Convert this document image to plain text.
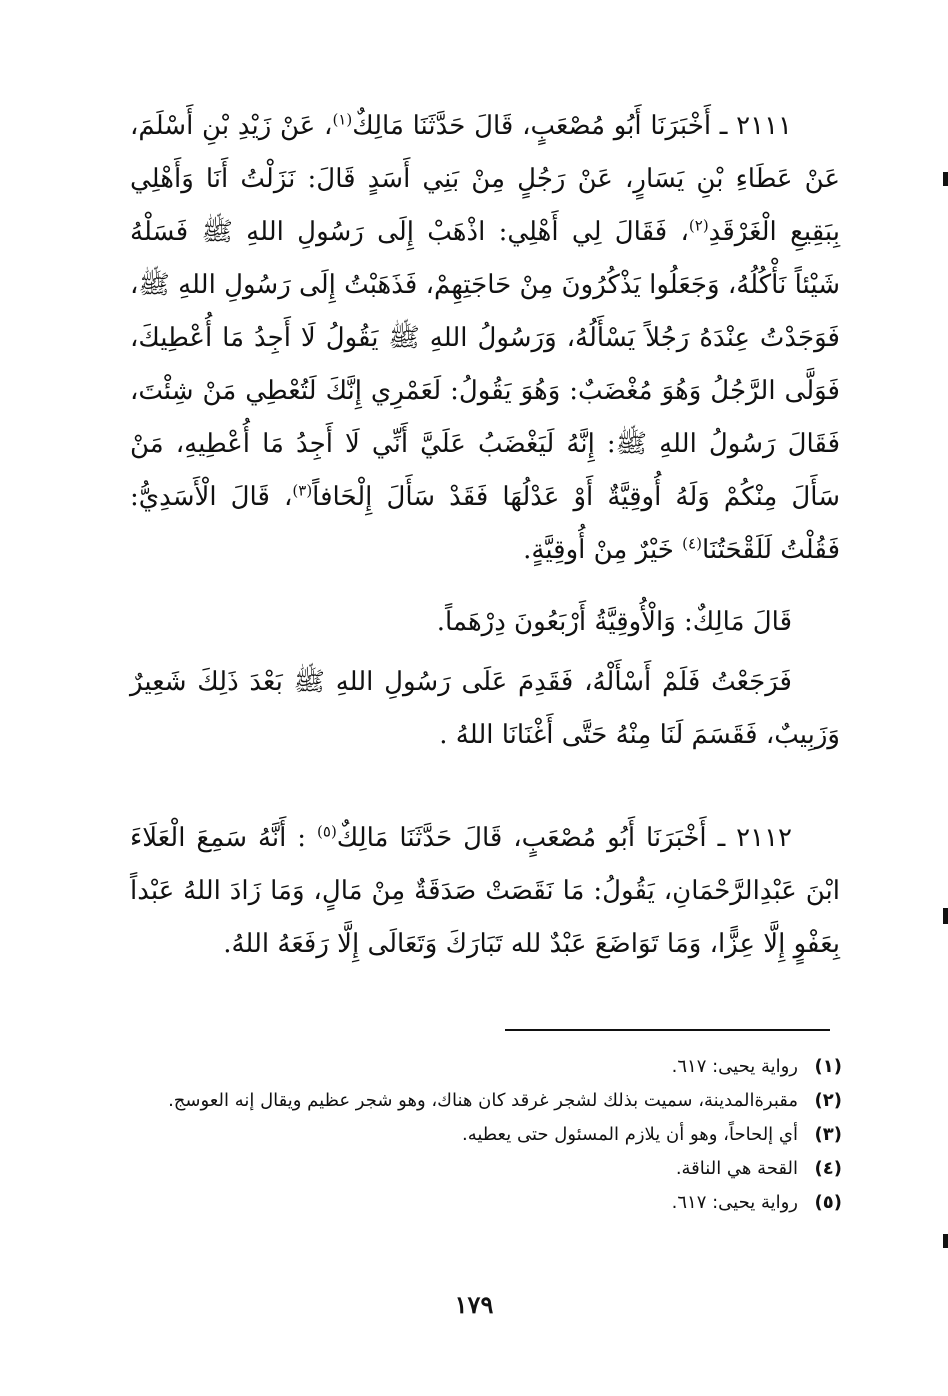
٢١١١ ـ أَخْبَرَنَا أَبُو مُصْعَبٍ، قَالَ حَدَّثَنَا مَالِكٌ$^{(١)}$، عَنْ زَيْدِ بْنِ أَسْلَمَ، عَنْ عَطَاءِ بْنِ يَسَارٍ، عَنْ رَجُلٍ مِنْ بَنِي أَسَدٍ قَالَ: نَزَلْتُ أَنَا وَأَهْلِي بِبَقِيعِ الْغَرْقَدِ$^{(٢)}$، فَقَالَ لِي أَهْلِي: اذْهَبْ إِلَى رَسُولِ اللهِ ﷺ فَسَلْهُ شَيْئاً نَأْكُلُهُ، وَجَعَلُوا يَذْكُرُونَ مِنْ حَاجَتِهِمْ، فَذَهَبْتُ إِلَى رَسُولِ اللهِ ﷺ، فَوَجَدْتُ عِنْدَهُ رَجُلاً يَسْأَلُهُ، وَرَسُولُ اللهِ ﷺ يَقُولُ لَا أَجِدُ مَا أُعْطِيكَ، فَوَلَّى الرَّجُلُ وَهُوَ مُغْضَبٌ: وَهُوَ يَقُولُ: لَعَمْرِي إِنَّكَ لَتُعْطِي مَنْ شِئْتَ، فَقَالَ رَسُولُ اللهِ ﷺ: إِنَّهُ لَيَغْضَبُ عَلَيَّ أَنِّي لَا أَجِدُ مَا أُعْطِيهِ، مَنْ سَأَلَ مِنْكُمْ وَلَهُ أُوقِيَّةٌ أَوْ عَدْلُهَا فَقَدْ سَأَلَ إِلْحَافاً$^{(٣)}$، قَالَ الْأَسَدِيُّ: فَقُلْتُ لَلَقْحَتُنَا$^{(٤)}$ خَيْرٌ مِنْ أُوقِيَّةٍ.
قَالَ مَالِكٌ: وَالْأُوقِيَّةُ أَرْبَعُونَ دِرْهَماً.
فَرَجَعْتُ فَلَمْ أَسْأَلْهُ، فَقَدِمَ عَلَى رَسُولِ اللهِ ﷺ بَعْدَ ذَلِكَ شَعِيرٌ وَزَبِيبٌ، فَقَسَمَ لَنَا مِنْهُ حَتَّى أَغْنَانَا اللهُ .
٢١١٢ ـ أَخْبَرَنَا أَبُو مُصْعَبٍ، قَالَ حَدَّثَنَا مَالِكٌ$^{(٥)}$ : أَنَّهُ سَمِعَ الْعَلَاءَ ابْنَ عَبْدِالرَّحْمَانِ، يَقُولُ: مَا نَقَصَتْ صَدَقَةٌ مِنْ مَالٍ، وَمَا زَادَ اللهُ عَبْداً بِعَفْوٍ إِلَّا عِزًّا، وَمَا تَوَاضَعَ عَبْدٌ لله تَبَارَكَ وَتَعَالَى إِلَّا رَفَعَهُ اللهُ.
(١)
رواية يحيى: ٦١٧.
(٢)
مقبرةالمدينة، سميت بذلك لشجر غرقد كان هناك، وهو شجر عظيم ويقال إنه العوسج.
(٣)
أي إلحاحاً، وهو أن يلازم المسئول حتى يعطيه.
(٤)
القحة هي الناقة.
(٥)
رواية يحيى: ٦١٧.
١٧٩
